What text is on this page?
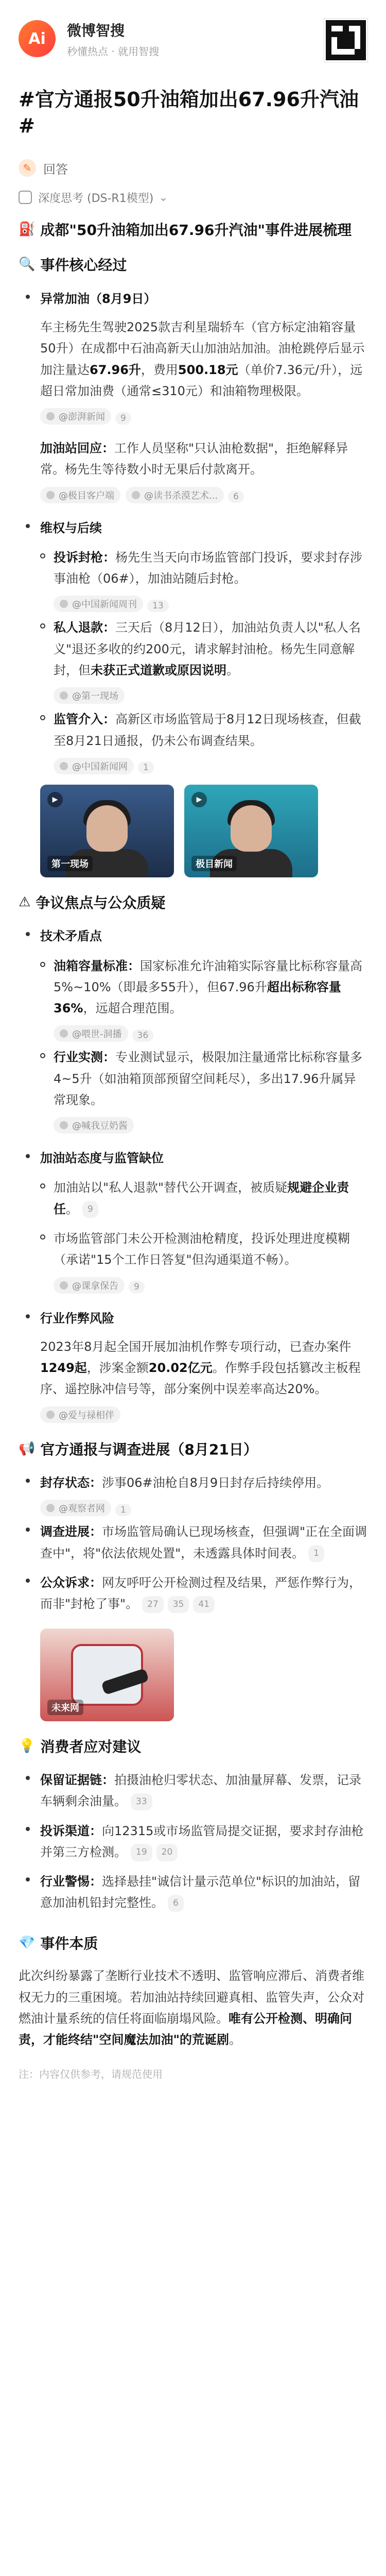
Ai	微博智搜
秒懂热点 · 就用智搜
#官方通报50升油箱加出67.96升汽油#
✎ 回答
深度思考 (DS-R1模型) ⌄
⛽ 成都"50升油箱加出67.96升汽油"事件进展梳理
🔍 事件核心经过
异常加油（8月9日）
车主杨先生驾驶2025款吉利星瑞轿车（官方标定油箱容量50升）在成都中石油高新天山加油站加油。油枪跳停后显示加注量达67.96升，费用500.18元（单价7.36元/升），远超日常加油费（通常≤310元）和油箱物理极限。
@澎湃新闻 9
加油站回应：工作人员坚称"只认油枪数据"，拒绝解释异常。杨先生等待数小时无果后付款离开。
@极目客户端	@读书杀漠艺术... 6
维权与后续
投诉封枪：杨先生当天向市场监管部门投诉，要求封存涉事油枪（06#），加油站随后封枪。
@中国新闻周刊 13
私人退款：三天后（8月12日），加油站负责人以"私人名义"退还多收的约200元，请求解封油枪。杨先生同意解封，但未获正式道歉或原因说明。
@第一现场
监管介入：高新区市场监管局于8月12日现场核查，但截至8月21日通报，仍未公布调查结果。
@中国新闻网 1
▶
第一现场
▶
极目新闻
⚠ 争议焦点与公众质疑
技术矛盾点
油箱容量标准：国家标准允许油箱实际容量比标称容量高5%~10%（即最多55升），但67.96升超出标称容量36%，远超合理范围。
@喂世-洞播 36
行业实测：专业测试显示，极限加注量通常比标称容量多4~5升（如油箱顶部预留空间耗尽），多出17.96升属异常现象。
@喊我豆奶酱
加油站态度与监管缺位
加油站以"私人退款"替代公开调查，被质疑规避企业责任。 9
市场监管部门未公开检测油枪精度，投诉处理进度模糊（承诺"15个工作日答复"但沟通渠道不畅）。
@课拿保告 9
行业作弊风险
2023年8月起全国开展加油机作弊专项行动，已查办案件1249起，涉案金额20.02亿元。作弊手段包括篡改主板程序、遥控脉冲信号等，部分案例中误差率高达20%。
@爱与禄相伴
📢 官方通报与调查进展（8月21日）
封存状态：涉事06#油枪自8月9日封存后持续停用。
@观察者网 1
调查进展：市场监管局确认已现场核查，但强调"正在全面调查中"，将"依法依规处置"，未透露具体时间表。 1
公众诉求：网友呼吁公开检测过程及结果，严惩作弊行为，而非"封枪了事"。 27 35 41
未来网
💡 消费者应对建议
保留证据链：拍摄油枪归零状态、加油量屏幕、发票，记录车辆剩余油量。 33
投诉渠道：向12315或市场监管局提交证据，要求封存油枪并第三方检测。 19 20
行业警惕：选择悬挂"诚信计量示范单位"标识的加油站，留意加油机铅封完整性。 6
💎 事件本质
此次纠纷暴露了垄断行业技术不透明、监管响应滞后、消费者维权无力的三重困境。若加油站持续回避真相、监管失声，公众对燃油计量系统的信任将面临崩塌风险。唯有公开检测、明确问责，才能终结"空间魔法加油"的荒诞剧。
注：内容仅供参考，请规范使用
